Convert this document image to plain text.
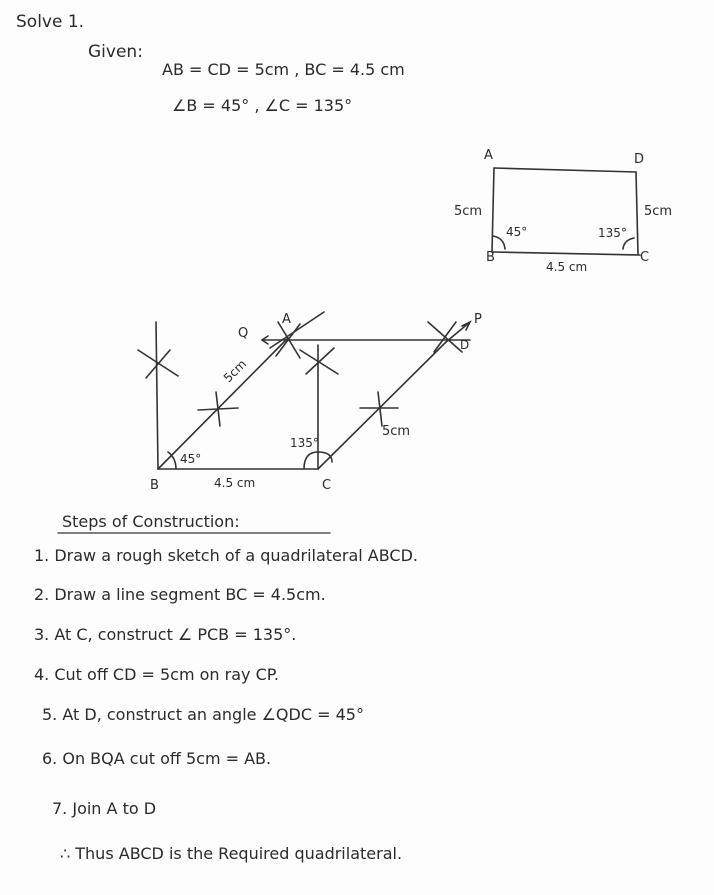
Solve 1.
Given:
AB = CD = 5cm , BC = 4.5 cm
∠B = 45° , ∠C = 135°
A	D
B	C
5cm	5cm
4.5 cm
45°	135°
A
Q
P
D
B	C
5cm
5cm
4.5 cm
45°
135°
Steps of Construction:
1. Draw a rough sketch of a quadrilateral ABCD.
2. Draw a line segment BC = 4.5cm.
3. At C, construct ∠ PCB = 135°.
4. Cut off CD = 5cm on ray CP.
5. At D, construct an angle ∠QDC = 45°
6. On BQA cut off 5cm = AB.
7. Join A to D
∴ Thus ABCD is the Required quadrilateral.
